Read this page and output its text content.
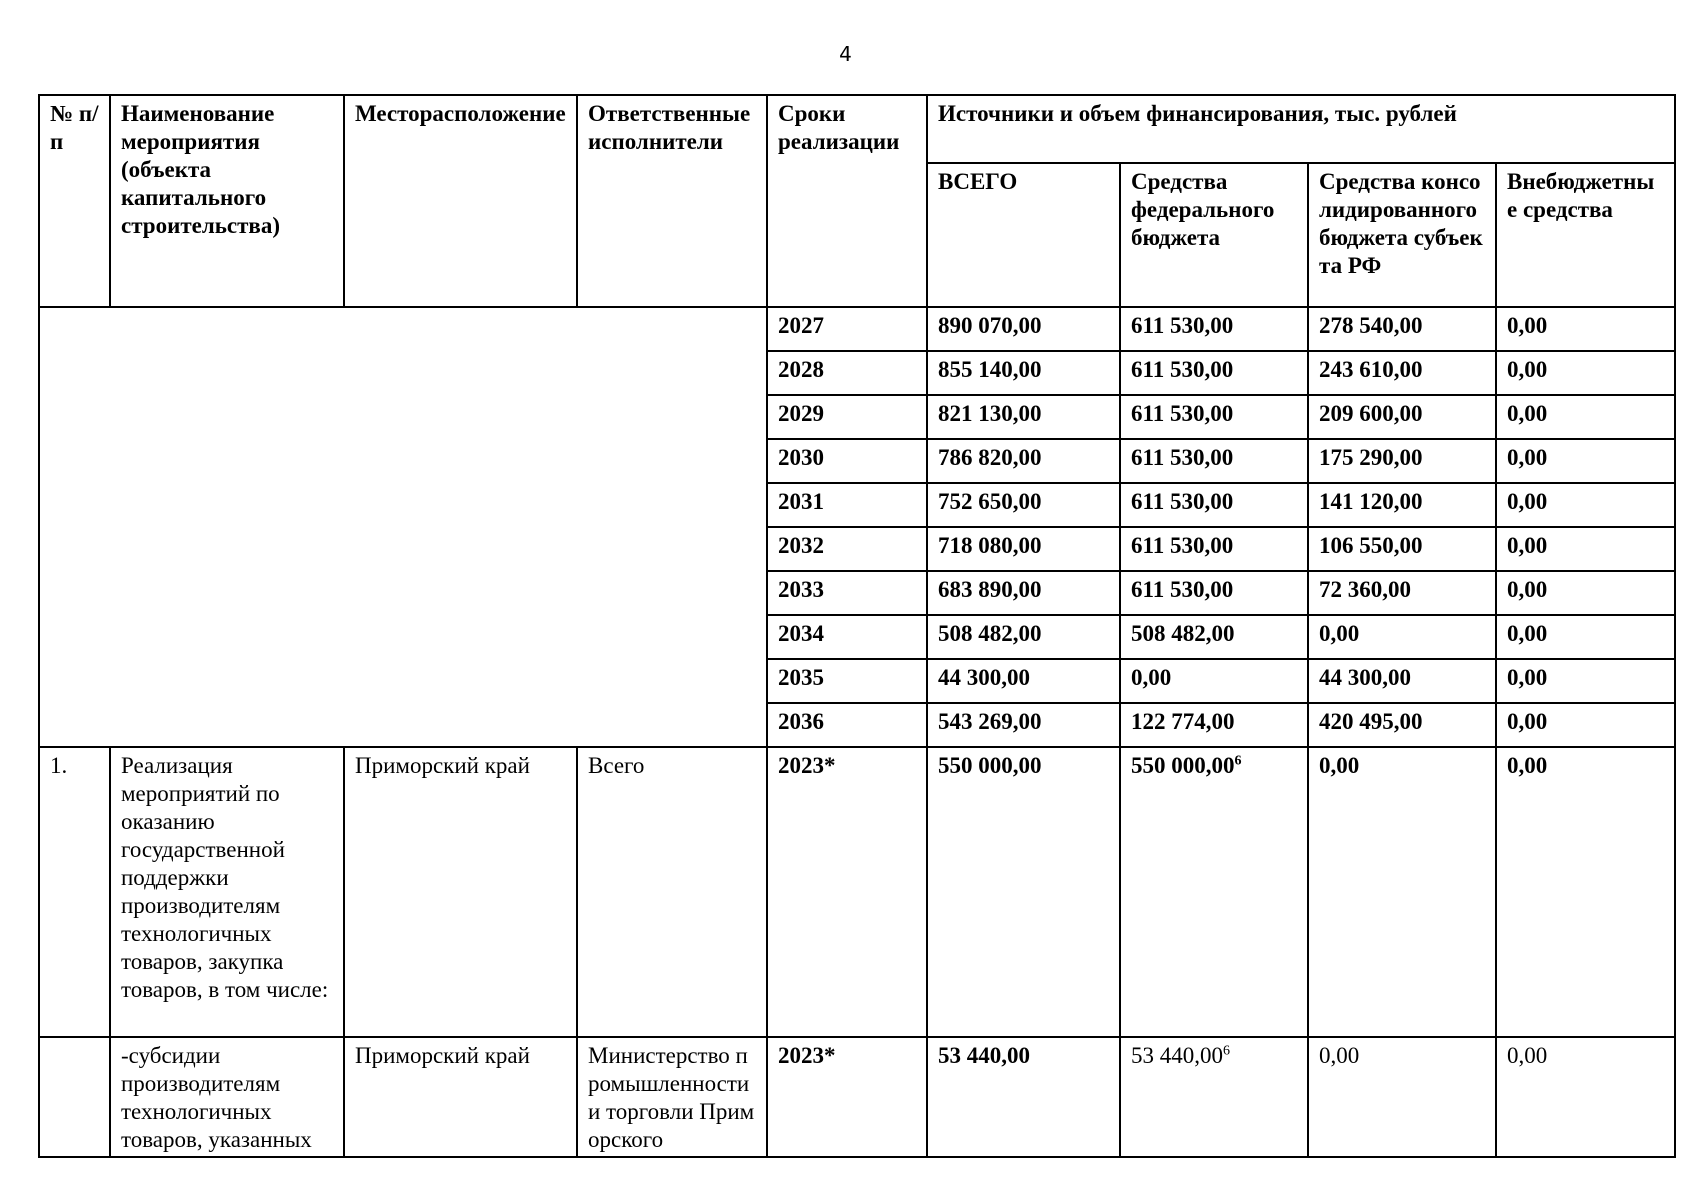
4
№ п/п	Наименование мероприятия (объекта капитального строительства)	Месторасположение	Ответственные исполнители	Сроки реализации	Источники и объем финансирования, тыс. рублей			
					ВСЕГО	Средства федерального бюджета	Средства консолидированного бюджета субъекта РФ	Внебюджетные средства
				2027	890 070,00	611 530,00	278 540,00	0,00
				2028	855 140,00	611 530,00	243 610,00	0,00
				2029	821 130,00	611 530,00	209 600,00	0,00
				2030	786 820,00	611 530,00	175 290,00	0,00
				2031	752 650,00	611 530,00	141 120,00	0,00
				2032	718 080,00	611 530,00	106 550,00	0,00
				2033	683 890,00	611 530,00	72 360,00	0,00
				2034	508 482,00	508 482,00	0,00	0,00
				2035	44 300,00	0,00	44 300,00	0,00
				2036	543 269,00	122 774,00	420 495,00	0,00
1.	Реализация мероприятий по оказанию государственной поддержки производителям технологичных товаров, закупка товаров, в том числе:	Приморский край	Всего	2023*	550 000,00	550 000,00$^6$	0,00	0,00
	-субсидии производителям технологичных товаров, указанных	Приморский край	Министерство промышленности и торговли Приморского	2023*	53 440,00	53 440,00$^6$	0,00	0,00
